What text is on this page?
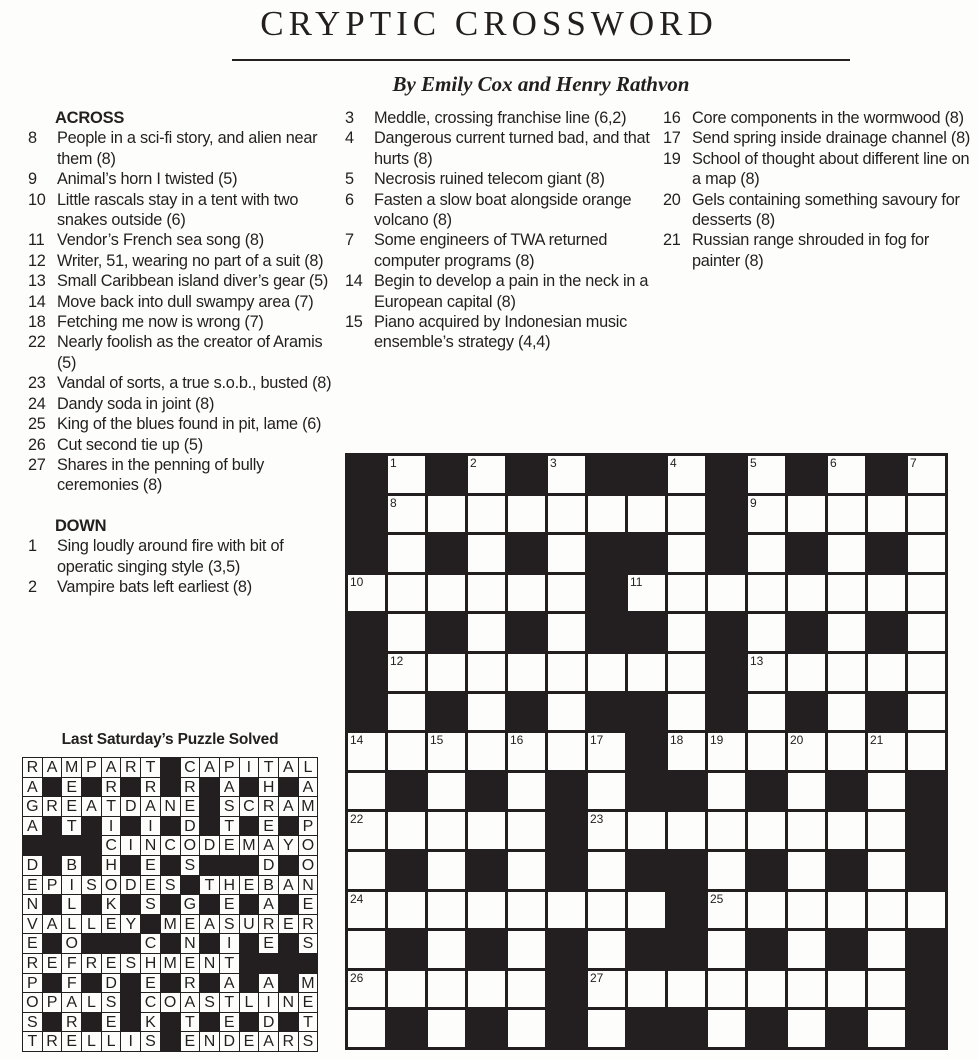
CRYPTIC CROSSWORD
By Emily Cox and Henry Rathvon
ACROSS
8	People in a sci-fi story, and alien near them (8)
9	Animal’s horn I twisted (5)
10 Little rascals stay in a tent with two snakes outside (6)
11 Vendor’s French sea song (8)
12 Writer, 51, wearing no part of a suit (8)
13 Small Caribbean island diver’s gear (5)
14 Move back into dull swampy area (7)
18 Fetching me now is wrong (7)
22 Nearly foolish as the creator of Aramis (5)
23 Vandal of sorts, a true s.o.b., busted (8)
24 Dandy soda in joint (8)
25 King of the blues found in pit, lame (6)
26 Cut second tie up (5)
27 Shares in the penning of bully ceremonies (8)
DOWN
1	Sing loudly around fire with bit of operatic singing style (3,5)
2	Vampire bats left earliest (8)
3	Meddle, crossing franchise line (6,2)
4	Dangerous current turned bad, and that hurts (8)
5	Necrosis ruined telecom giant (8)
6	Fasten a slow boat alongside orange volcano (8)
7	Some engineers of TWA returned computer programs (8)
14 Begin to develop a pain in the neck in a European capital (8)
15 Piano acquired by Indonesian music ensemble’s strategy (4,4)
16 Core components in the wormwood (8)
17 Send spring inside drainage channel (8)
19 School of thought about different line on a map (8)
20 Gels containing something savoury for desserts (8)
21 Russian range shrouded in fog for painter (8)
1	2	3	4	5	6	7
8	9
10	11
12	13
14	15	16	17	18 19	20	21
22	23
24	25
26	27
Last Saturday’s Puzzle Solved
R A M P A R T C A P I T A L
A E R R R A H A
G R E A T D A N E S C R A M
A T	I	I	D T E P
C I N C O D E M A Y O
D B H E S	D O
E P I S O D E S T H E B A N
N	L	K S G E A E
V A L L E Y M E A S U R E R
E O	C N	I	E S
R E F R E S H M E N T
P F D E R A A M
O P A L S C O A S T L I N E
S R E K T E D T
T R E L L I S E N D E A R S
